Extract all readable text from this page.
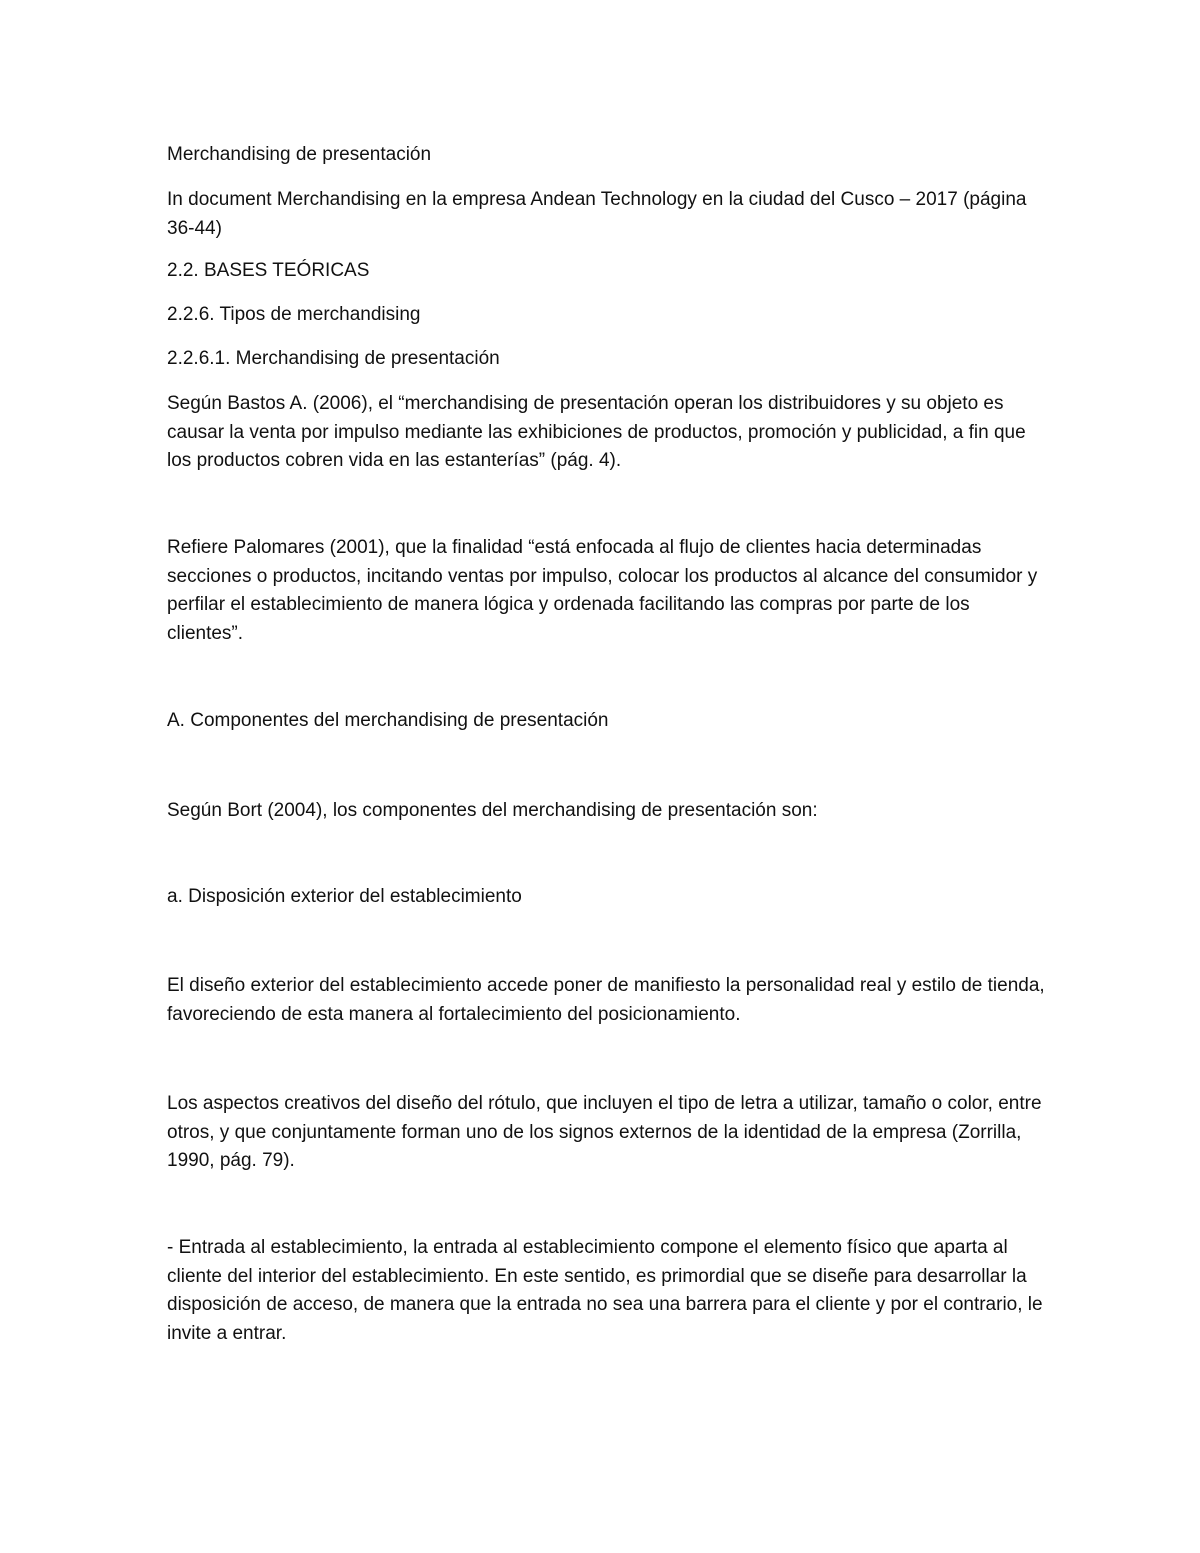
Merchandising de presentación

In document Merchandising en la empresa Andean Technology en la ciudad del Cusco – 2017 (página 36-44)

2.2. BASES TEÓRICAS

2.2.6. Tipos de merchandising

2.2.6.1. Merchandising de presentación

Según Bastos A. (2006), el “merchandising de presentación operan los distribuidores y su objeto es causar la venta por impulso mediante las exhibiciones de productos, promoción y publicidad, a fin que los productos cobren vida en las estanterías” (pág. 4).

Refiere Palomares (2001), que la finalidad “está enfocada al flujo de clientes hacia determinadas secciones o productos, incitando ventas por impulso, colocar los productos al alcance del consumidor y perfilar el establecimiento de manera lógica y ordenada facilitando las compras por parte de los clientes”.

A. Componentes del merchandising de presentación

Según Bort (2004), los componentes del merchandising de presentación son:

a. Disposición exterior del establecimiento

El diseño exterior del establecimiento accede poner de manifiesto la personalidad real y estilo de tienda, favoreciendo de esta manera al fortalecimiento del posicionamiento.

Los aspectos creativos del diseño del rótulo, que incluyen el tipo de letra a utilizar, tamaño o color, entre otros, y que conjuntamente forman uno de los signos externos de la identidad de la empresa (Zorrilla, 1990, pág. 79).

- Entrada al establecimiento, la entrada al establecimiento compone el elemento físico que aparta al cliente del interior del establecimiento. En este sentido, es primordial que se diseñe para desarrollar la disposición de acceso, de manera que la entrada no sea una barrera para el cliente y por el contrario, le invite a entrar.
